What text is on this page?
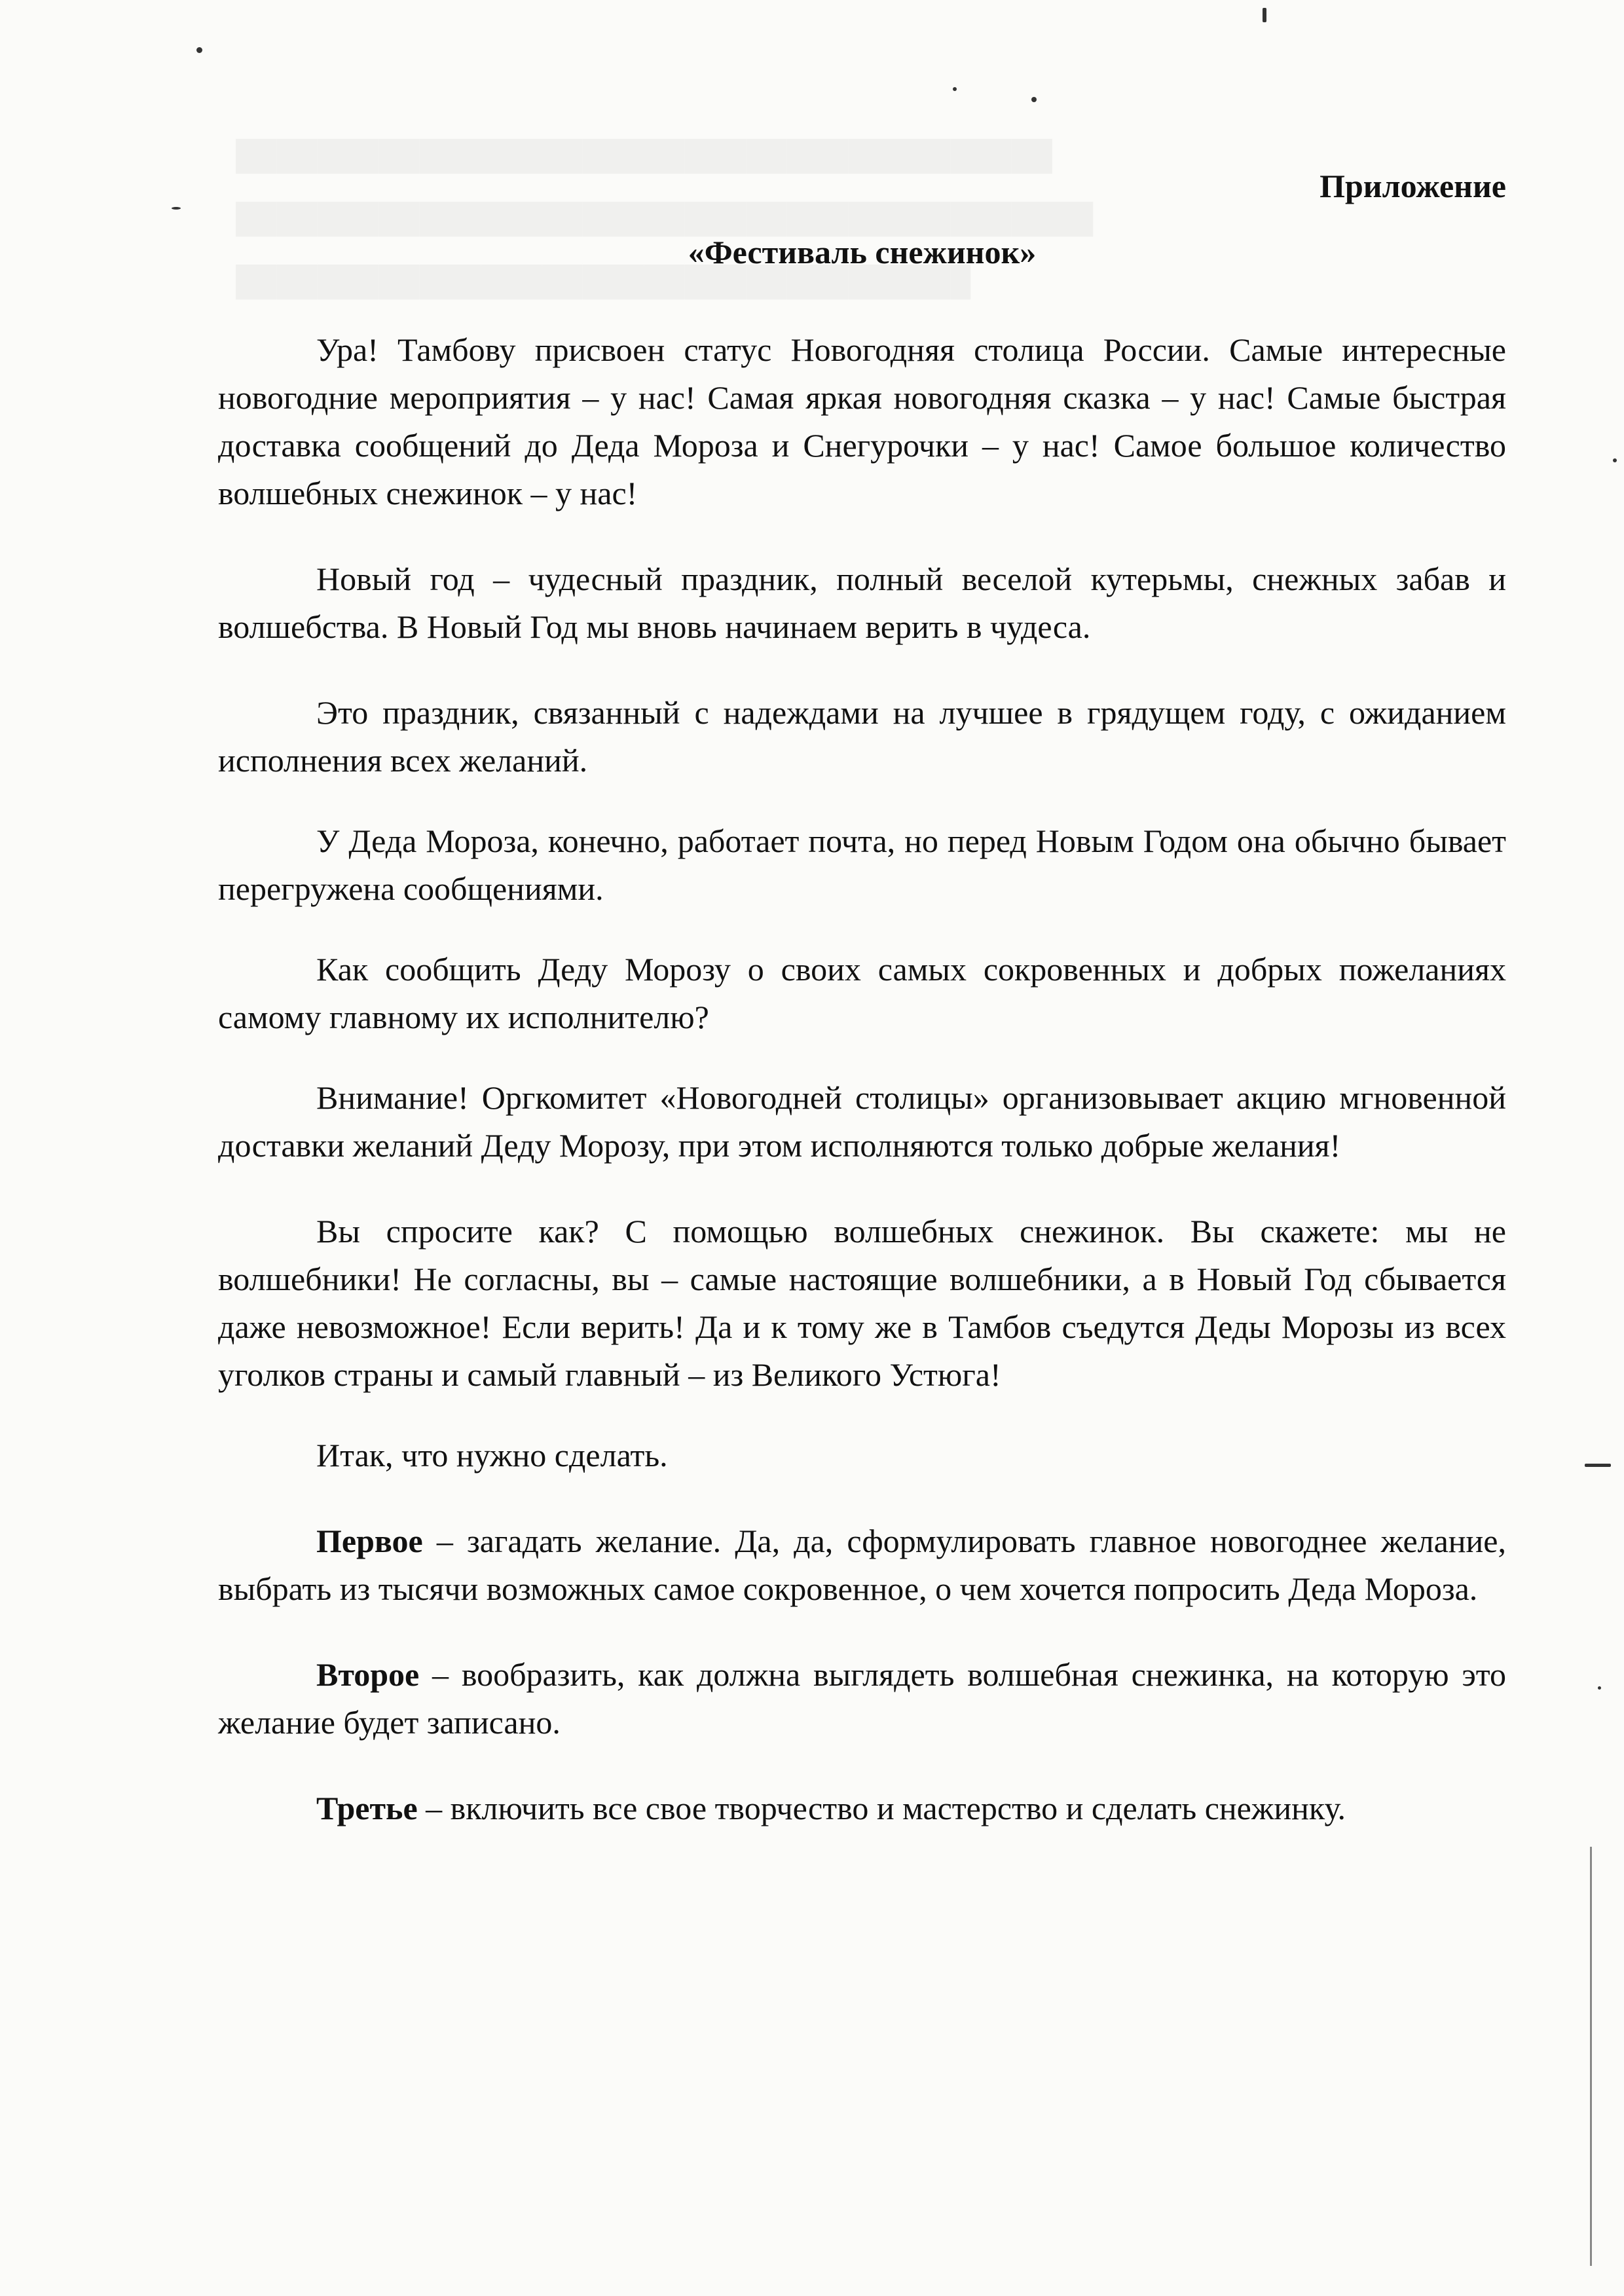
████████████████████████████████████████
██████████████████████████████████████████
████████████████████████████████████
Приложение
«Фестиваль снежинок»
Ура! Тамбову присвоен статус Новогодняя столица России. Самые интересные новогодние мероприятия – у нас! Самая яркая новогодняя сказка – у нас! Самые быстрая доставка сообщений до Деда Мороза и Снегурочки – у нас! Самое большое количество волшебных снежинок – у нас!
Новый год – чудесный праздник, полный веселой кутерьмы, снежных забав и волшебства. В Новый Год мы вновь начинаем верить в чудеса.
Это праздник, связанный с надеждами на лучшее в грядущем году, с ожиданием исполнения всех желаний.
У Деда Мороза, конечно, работает почта, но перед Новым Годом она обычно бывает перегружена сообщениями.
Как сообщить Деду Морозу о своих самых сокровенных и добрых пожеланиях самому главному их исполнителю?
Внимание! Оргкомитет «Новогодней столицы» организовывает акцию мгновенной доставки желаний Деду Морозу, при этом исполняются только добрые желания!
Вы спросите как? С помощью волшебных снежинок. Вы скажете: мы не волшебники! Не согласны, вы – самые настоящие волшебники, а в Новый Год сбывается даже невозможное! Если верить! Да и к тому же в Тамбов съедутся Деды Морозы из всех уголков страны и самый главный – из Великого Устюга!
Итак, что нужно сделать.
Первое – загадать желание. Да, да, сформулировать главное новогоднее желание, выбрать из тысячи возможных самое сокровенное, о чем хочется попросить Деда Мороза.
Второе – вообразить, как должна выглядеть волшебная снежинка, на которую это желание будет записано.
Третье – включить все свое творчество и мастерство и сделать снежинку.
